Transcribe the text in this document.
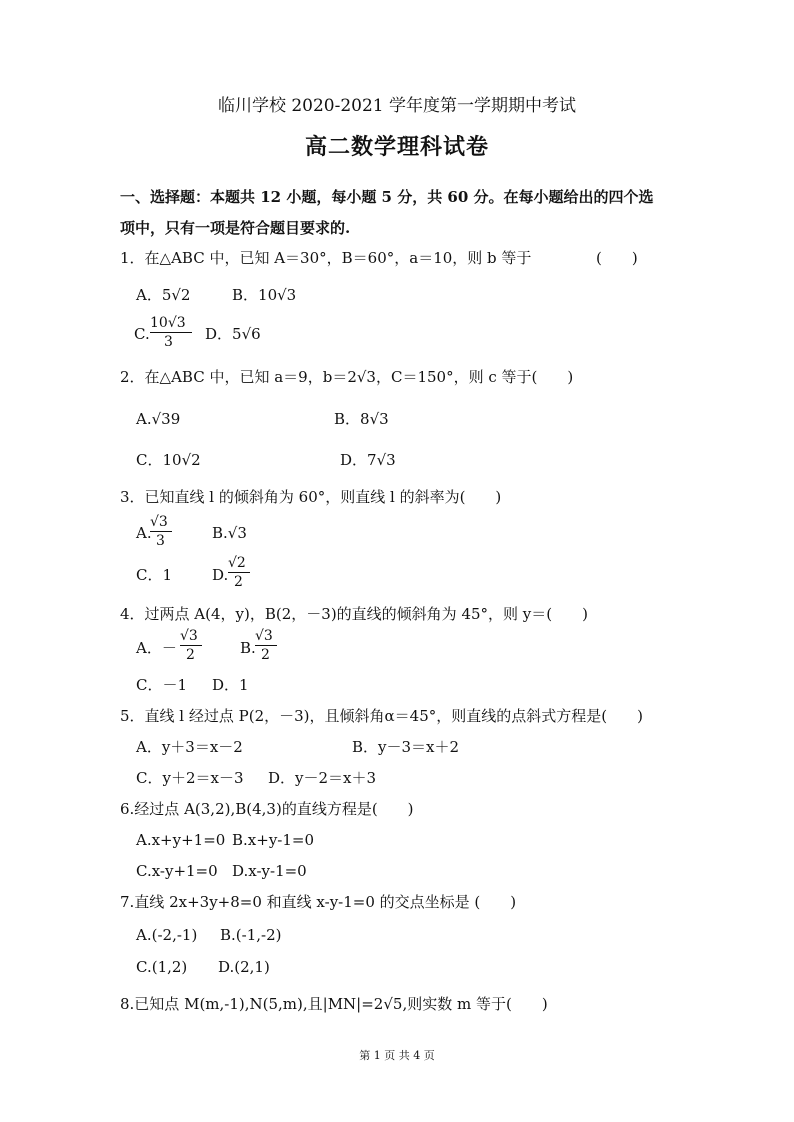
临川学校 2020-2021 学年度第一学期期中考试
高二数学理科试卷
一、选择题：本题共 12 小题，每小题 5 分，共 60 分。在每小题给出的四个选
项中，只有一项是符合题目要求的.
1．在△ABC 中，已知 A＝30°，B＝60°，a＝10，则 b 等于	(　　)
A．5√2	B．10√3
C.
10√3
3 D．5√6
2．在△ABC 中，已知 a＝9，b＝2√3，C＝150°，则 c 等于(　　)
A.√39	B．8√3
C．10√2	D．7√3
3．已知直线 l 的倾斜角为 60°，则直线 l 的斜率为(　　)
A.
√3
3	B.√3
C．1	D.
√2
2
4．过两点 A(4，y)，B(2，－3)的直线的倾斜角为 45°，则 y＝(　　)
A．－
√3
2	B.
√3
2
C．－1 D．1
5．直线 l 经过点 P(2，－3)，且倾斜角α＝45°，则直线的点斜式方程是(　　)
A．y＋3＝x－2	B．y－3＝x＋2
C．y＋2＝x－3 D．y－2＝x＋3
6.经过点 A(3,2),B(4,3)的直线方程是(　　)
A.x+y+1=0 B.x+y-1=0
C.x-y+1=0 D.x-y-1=0
7.直线 2x+3y+8=0 和直线 x-y-1=0 的交点坐标是 (　　)
A.(-2,-1) B.(-1,-2)
C.(1,2) D.(2,1)
8.已知点 M(m,-1),N(5,m),且|MN|=2√5,则实数 m 等于(　　)
第 1 页 共 4 页
